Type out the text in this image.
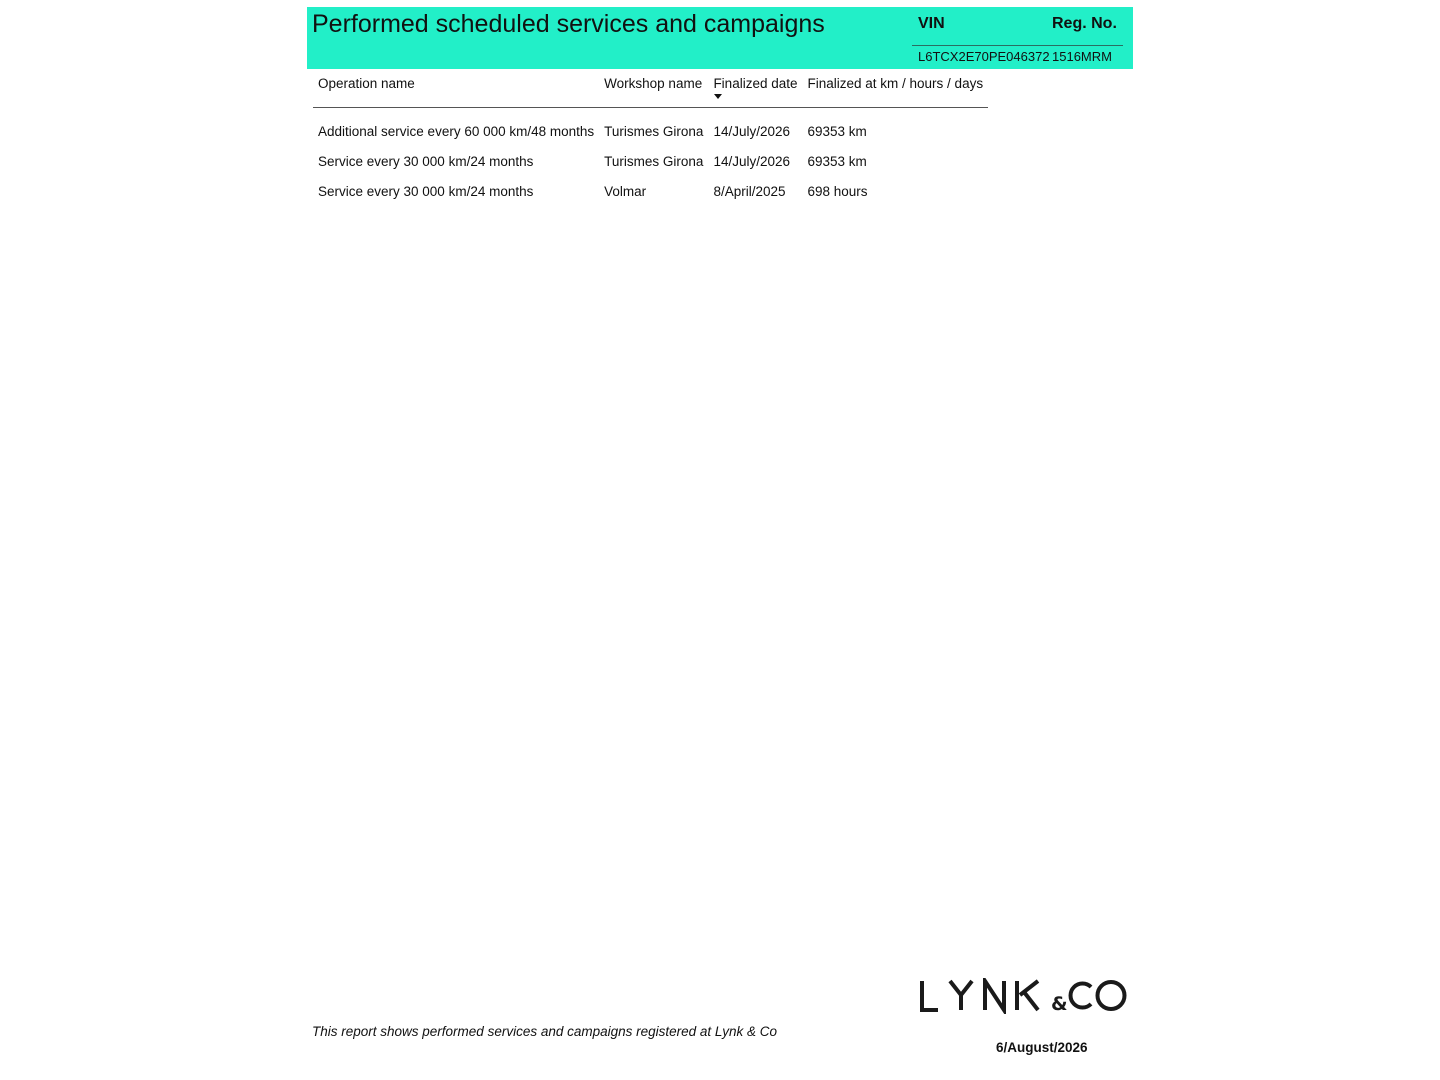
Performed scheduled services and campaigns	VIN	Reg. No.
L6TCX2E70PE046372 1516MRM
Operation name	Workshop name	Finalized date	Finalized at km / hours / days
Additional service every 60 000 km/48 months	Turismes Girona	14/July/2026	69353 km
Service every 30 000 km/24 months	Turismes Girona	14/July/2026	69353 km
Service every 30 000 km/24 months	Volmar	8/April/2025	698 hours
&
This report shows performed services and campaigns registered at Lynk & Co
6/August/2026
